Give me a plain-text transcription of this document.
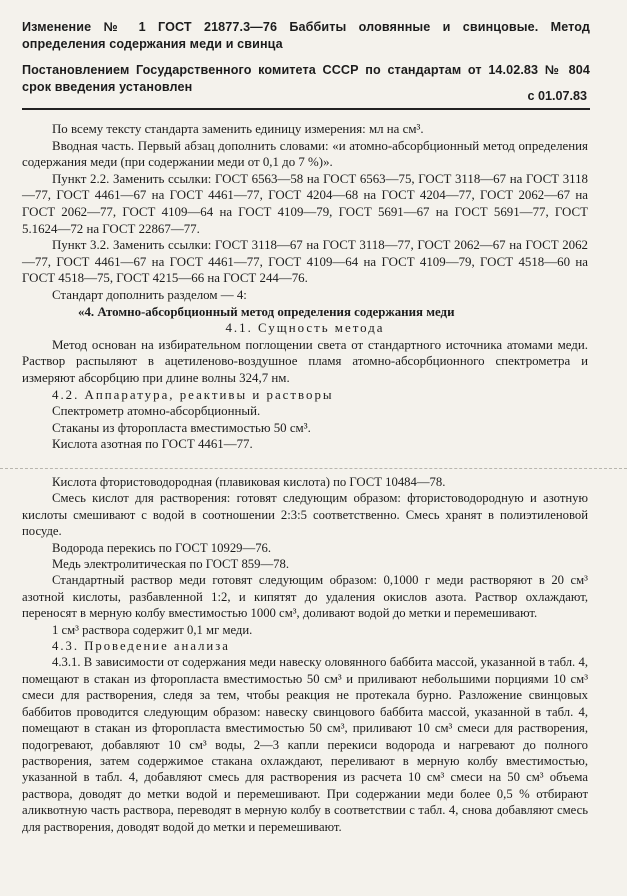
Изменение № 1 ГОСТ 21877.3—76 Баббиты оловянные и свинцовые. Метод определения содержания меди и свинца
Постановлением Государственного комитета СССР по стандартам от 14.02.83 № 804 срок введения установлен
с 01.07.83

По всему тексту стандарта заменить единицу измерения: мл на см³.

Вводная часть. Первый абзац дополнить словами: «и атомно-абсорбционный метод определения содержания меди (при содержании меди от 0,1 до 7 %)».

Пункт 2.2. Заменить ссылки: ГОСТ 6563—58 на ГОСТ 6563—75, ГОСТ 3118—67 на ГОСТ 3118—77, ГОСТ 4461—67 на ГОСТ 4461—77, ГОСТ 4204—68 на ГОСТ 4204—77, ГОСТ 2062—67 на ГОСТ 2062—77, ГОСТ 4109—64 на ГОСТ 4109—79, ГОСТ 5691—67 на ГОСТ 5691—77, ГОСТ 5.1624—72 на ГОСТ 22867—77.

Пункт 3.2. Заменить ссылки: ГОСТ 3118—67 на ГОСТ 3118—77, ГОСТ 2062—67 на ГОСТ 2062—77, ГОСТ 4461—67 на ГОСТ 4461—77, ГОСТ 4109—64 на ГОСТ 4109—79, ГОСТ 4518—60 на ГОСТ 4518—75, ГОСТ 4215—66 на ГОСТ 244—76.

Стандарт дополнить разделом — 4:

«4. Атомно-абсорбционный метод определения содержания меди

4.1. Сущность метода

Метод основан на избирательном поглощении света от стандартного источника атомами меди. Раствор распыляют в ацетиленово-воздушное пламя атомно-абсорбционного спектрометра и измеряют абсорбцию при длине волны 324,7 нм.

4.2. Аппаратура, реактивы и растворы

Спектрометр атомно-абсорбционный.

Стаканы из фторопласта вместимостью 50 см³.

Кислота азотная по ГОСТ 4461—77.

Кислота фтористоводородная (плавиковая кислота) по ГОСТ 10484—78.

Смесь кислот для растворения: готовят следующим образом: фтористоводородную и азотную кислоты смешивают с водой в соотношении 2:3:5 соответственно. Смесь хранят в полиэтиленовой посуде.

Водорода перекись по ГОСТ 10929—76.

Медь электролитическая по ГОСТ 859—78.

Стандартный раствор меди готовят следующим образом: 0,1000 г меди растворяют в 20 см³ азотной кислоты, разбавленной 1:2, и кипятят до удаления окислов азота. Раствор охлаждают, переносят в мерную колбу вместимостью 1000 см³, доливают водой до метки и перемешивают.

1 см³ раствора содержит 0,1 мг меди.

4.3. Проведение анализа

4.3.1. В зависимости от содержания меди навеску оловянного баббита массой, указанной в табл. 4, помещают в стакан из фторопласта вместимостью 50 см³ и приливают небольшими порциями 10 см³ смеси для растворения, следя за тем, чтобы реакция не протекала бурно. Разложение свинцовых баббитов проводится следующим образом: навеску свинцового баббита массой, указанной в табл. 4, помещают в стакан из фторопласта вместимостью 50 см³, приливают 10 см³ смеси для растворения, подогревают, добавляют 10 см³ воды, 2—3 капли перекиси водорода и нагревают до полного растворения, затем содержимое стакана охлаждают, переливают в мерную колбу вместимостью, указанной в табл. 4, добавляют смесь для растворения из расчета 10 см³ смеси на 50 см³ объема раствора, доводят до метки водой и перемешивают. При содержании меди более 0,5 % отбирают аликвотную часть раствора, переводят в мерную колбу в соответствии с табл. 4, снова добавляют смесь для растворения, доводят водой до метки и перемешивают.
